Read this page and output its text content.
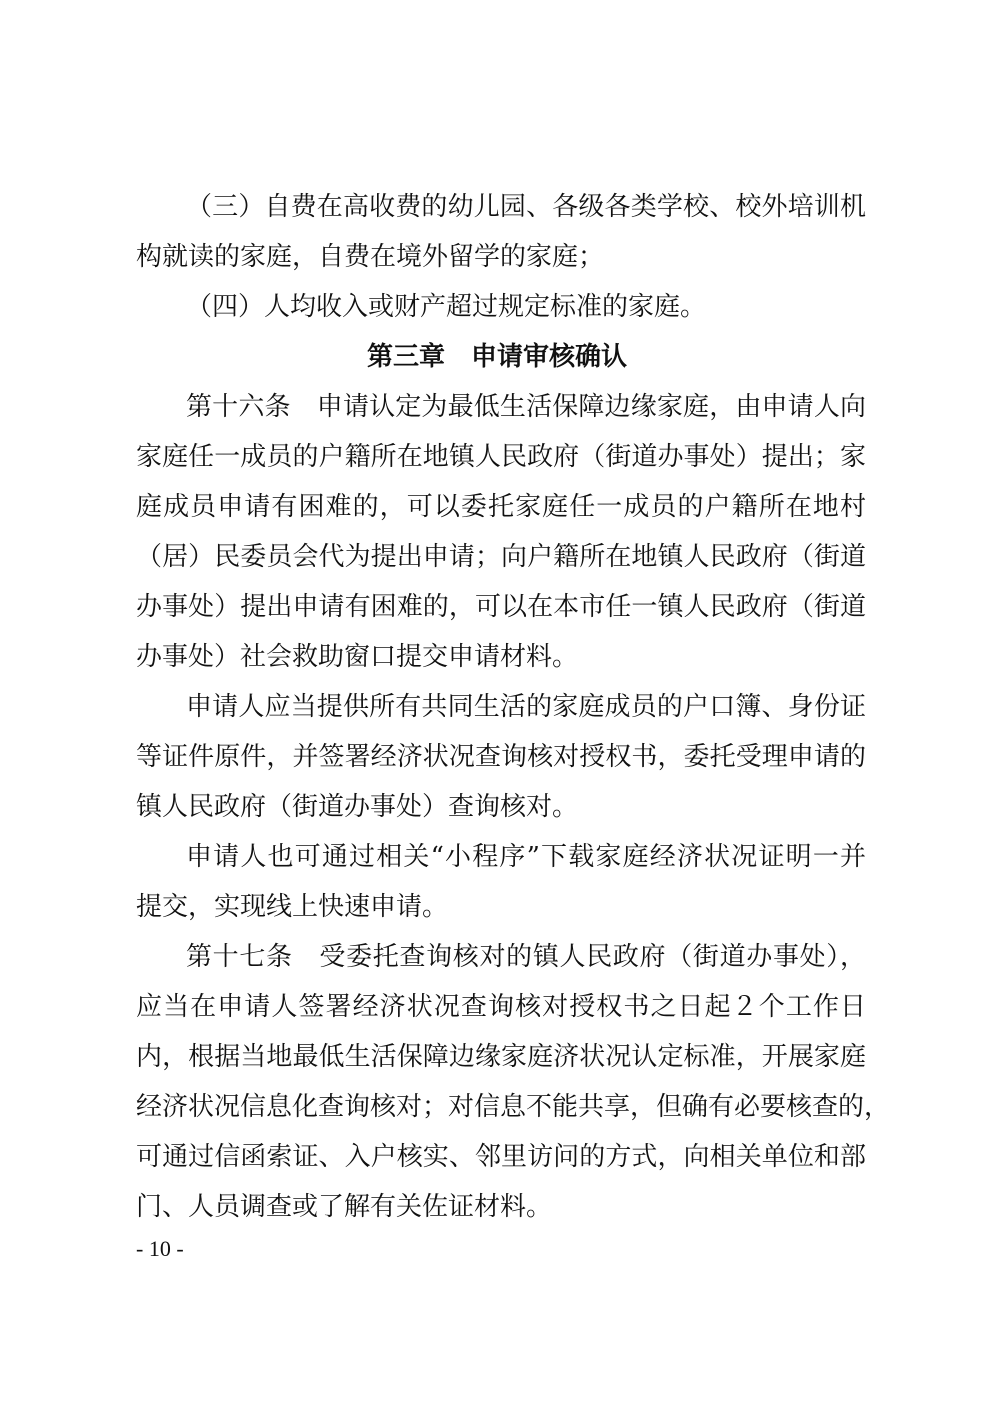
（三）自费在高收费的幼儿园、各级各类学校、校外培训机
构就读的家庭，自费在境外留学的家庭；
（四）人均收入或财产超过规定标准的家庭。
第三章　申请审核确认
第十六条　申请认定为最低生活保障边缘家庭，由申请人向
家庭任一成员的户籍所在地镇人民政府（街道办事处）提出；家
庭成员申请有困难的，可以委托家庭任一成员的户籍所在地村
（居）民委员会代为提出申请；向户籍所在地镇人民政府（街道
办事处）提出申请有困难的，可以在本市任一镇人民政府（街道
办事处）社会救助窗口提交申请材料。
申请人应当提供所有共同生活的家庭成员的户口簿、身份证
等证件原件，并签署经济状况查询核对授权书，委托受理申请的
镇人民政府（街道办事处）查询核对。
申请人也可通过相关“小程序”下载家庭经济状况证明一并
提交，实现线上快速申请。
第十七条　受委托查询核对的镇人民政府（街道办事处），
应当在申请人签署经济状况查询核对授权书之日起２个工作日
内，根据当地最低生活保障边缘家庭济状况认定标准，开展家庭
经济状况信息化查询核对；对信息不能共享，但确有必要核查的，
可通过信函索证、入户核实、邻里访问的方式，向相关单位和部
门、人员调查或了解有关佐证材料。
- 10 -
